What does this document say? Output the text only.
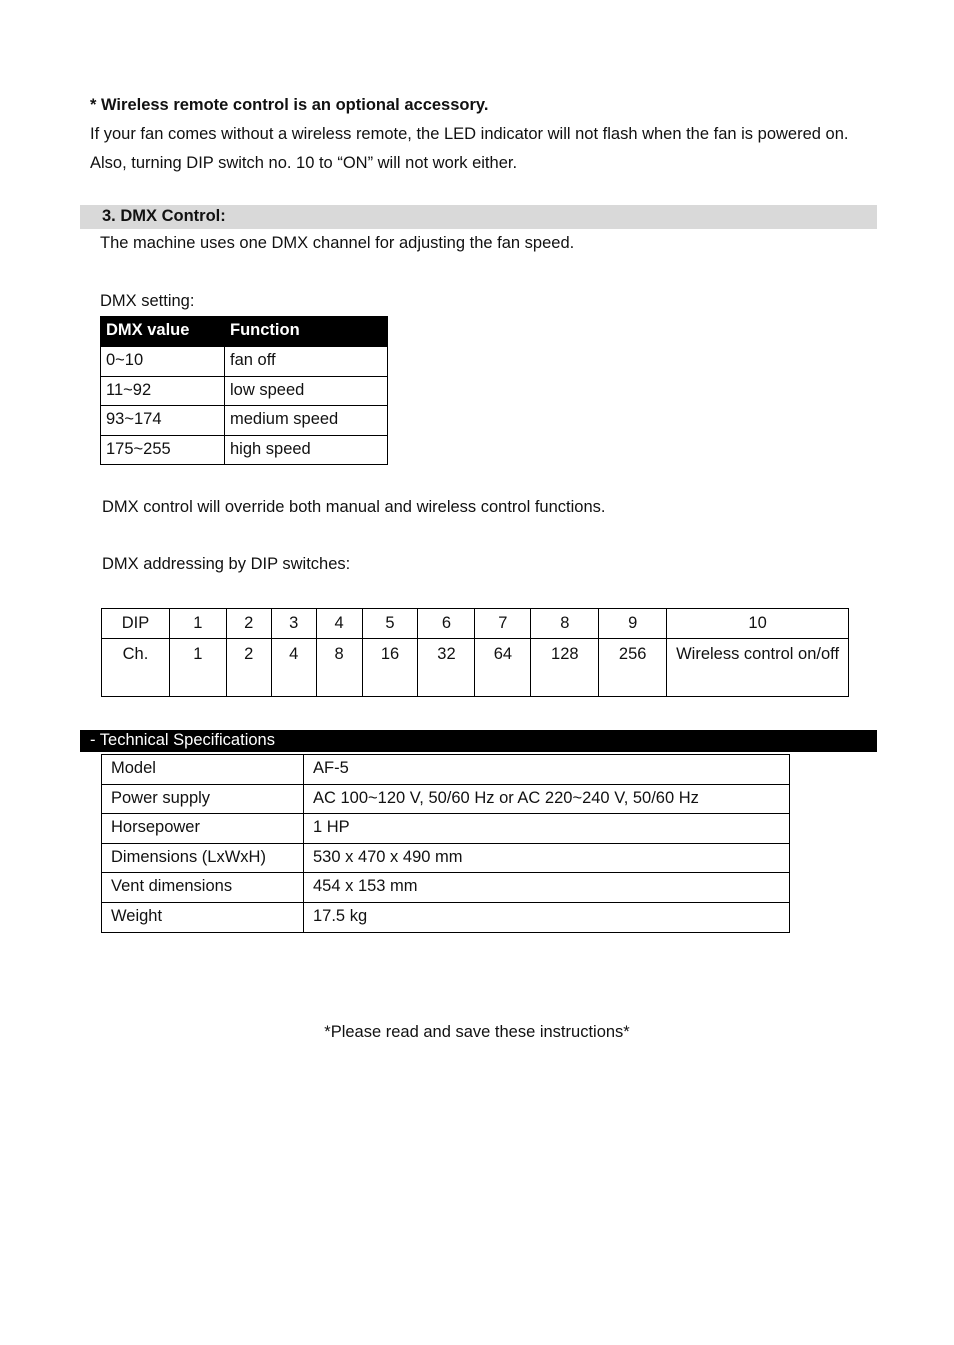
* Wireless remote control is an optional accessory.
If your fan comes without a wireless remote, the LED indicator will not flash when the fan is powered on. Also, turning DIP switch no. 10 to “ON” will not work either.
3. DMX Control:
The machine uses one DMX channel for adjusting the fan speed.
DMX setting:
DMX value	Function
0~10	fan off
11~92	low speed
93~174	medium speed
175~255	high speed
DMX control will override both manual and wireless control functions.
DMX addressing by DIP switches:
DIP	1	2	3	4	5	6	7	8	9	10
Ch.	1	2	4	8	16	32	64	128	256	Wireless control on/off
- Technical Specifications
Model	AF-5
Power supply	AC 100~120 V, 50/60 Hz or AC 220~240 V, 50/60 Hz
Horsepower	1 HP
Dimensions (LxWxH)	530 x 470 x 490 mm
Vent dimensions	454 x 153 mm
Weight	17.5 kg
*Please read and save these instructions*
